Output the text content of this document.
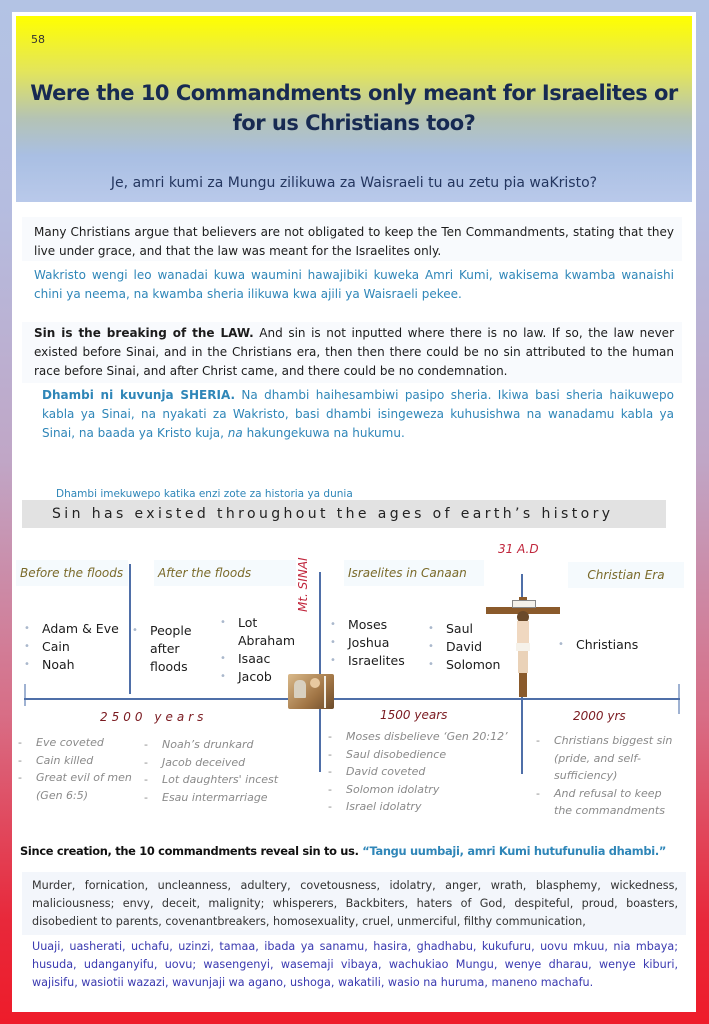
58
Were the 10 Commandments only meant for Israelites or for us Christians too?
Je, amri kumi za Mungu zilikuwa za Waisraeli tu au zetu pia waKristo?
Many Christians argue that believers are not obligated to keep the Ten Commandments, stating that they live under grace, and that the law was meant for the Israelites only.
Wakristo wengi leo wanadai kuwa waumini hawajibiki kuweka Amri Kumi, wakisema kwamba wanaishi chini ya neema, na kwamba sheria ilikuwa kwa ajili ya Waisraeli pekee.
Sin is the breaking of the LAW. And sin is not inputted where there is no law. If so, the law never existed before Sinai, and in the Christians era, then then there could be no sin attributed to the human race before Sinai, and after Christ came, and there could be no condemnation.
Dhambi ni kuvunja SHERIA. Na dhambi haihesambiwi pasipo sheria. Ikiwa basi sheria haikuwepo kabla ya Sinai, na nyakati za Wakristo, basi dhambi isingeweza kuhusishwa na wanadamu kabla ya Sinai, na baada ya Kristo kuja, na hakungekuwa na hukumu.
Dhambi imekuwepo katika enzi zote za historia ya dunia
Sin has existed throughout the ages of earth’s history
Before the floods	After the floods	Israelites in Canaan	Christian Era
Mt. SINAI
31 A.D
• Adam & Eve
• Cain
• Noah
• People after floods
• Lot
Abraham
• Isaac
• Jacob
• Moses
• Joshua
• Israelites
• Saul
• David
• Solomon
• Christians
2500 years	1500 years	2000 yrs
- Eve coveted
- Cain killed
- Great evil of men (Gen 6:5)
- Noah’s drunkard
- Jacob deceived
- Lot daughters' incest
- Esau intermarriage
- Moses disbelieve ‘Gen 20:12’
- Saul disobedience
- David coveted
- Solomon idolatry
- Israel idolatry
- Christians biggest sin (pride, and self-sufficiency)
- And refusal to keep the commandments
Since creation, the 10 commandments reveal sin to us. “Tangu uumbaji, amri Kumi hutufunulia dhambi.”
Murder, fornication, uncleanness, adultery, covetousness, idolatry, anger, wrath, blasphemy, wickedness, maliciousness; envy, deceit, malignity; whisperers, Backbiters, haters of God, despiteful, proud, boasters, disobedient to parents, covenantbreakers, homosexuality, cruel, unmerciful, filthy communication,
Uuaji, uasherati, uchafu, uzinzi, tamaa, ibada ya sanamu, hasira, ghadhabu, kukufuru, uovu mkuu, nia mbaya; husuda, udanganyifu, uovu; wasengenyi, wasemaji vibaya, wachukiao Mungu, wenye dharau, wenye kiburi, wajisifu, wasiotii wazazi, wavunjaji wa agano, ushoga, wakatili, wasio na huruma, maneno machafu.
